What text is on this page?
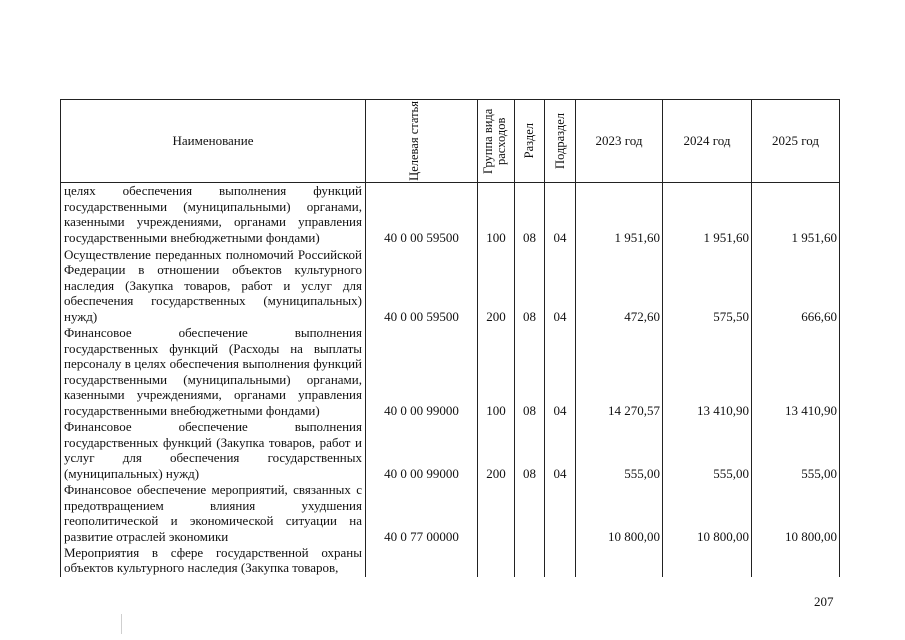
Наименование	Целевая статья	Группа вида расходов	Раздел	Подраздел	2023 год	2024 год	2025 год
целях обеспечения выполнения функций государственными (муниципальными) органами, казенными учреждениями, органами управления государственными внебюджетными фондами)	40 0 00 59500	100	08	04	1 951,60	1 951,60	1 951,60
Осуществление переданных полномочий Российской Федерации в отношении объектов культурного наследия (Закупка товаров, работ и услуг для обеспечения государственных (муниципальных) нужд)	40 0 00 59500	200	08	04	472,60	575,50	666,60
Финансовое обеспечение выполнения государственных функций (Расходы на выплаты персоналу в целях обеспечения выполнения функций государственными (муниципальными) органами, казенными учреждениями, органами управления государственными внебюджетными фондами)	40 0 00 99000	100	08	04	14 270,57	13 410,90	13 410,90
Финансовое обеспечение выполнения государственных функций (Закупка товаров, работ и услуг для обеспечения государственных (муниципальных) нужд)	40 0 00 99000	200	08	04	555,00	555,00	555,00
Финансовое обеспечение мероприятий, связанных с предотвращением влияния ухудшения геополитической и экономической ситуации на развитие отраслей экономики	40 0 77 00000				10 800,00	10 800,00	10 800,00
Мероприятия в сфере государственной охраны объектов культурного наследия (Закупка товаров,							
207
